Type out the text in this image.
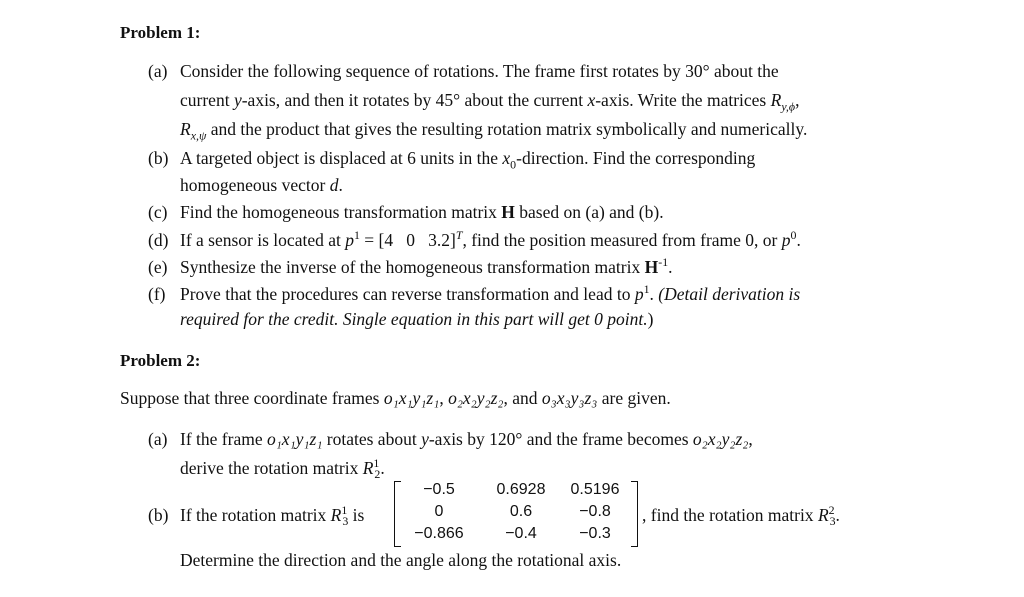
Problem 1:
(a) Consider the following sequence of rotations. The frame first rotates by 30° about the
current y-axis, and then it rotates by 45° about the current x-axis. Write the matrices $R_{y,\phi}$,
$R_{x,\psi}$ and the product that gives the resulting rotation matrix symbolically and numerically.
(b) A targeted object is displaced at 6 units in the $x_0$-direction. Find the corresponding
homogeneous vector d.
(c) Find the homogeneous transformation matrix H based on (a) and (b).
(d) If a sensor is located at $p^1 = [4$   0   3.2]$^T$, find the position measured from frame 0, or $p^0$.
(e) Synthesize the inverse of the homogeneous transformation matrix $H^{-1}$.
(f) Prove that the procedures can reverse transformation and lead to $p^1$. (Detail derivation is
required for the credit. Single equation in this part will get 0 point.)
Problem 2:
Suppose that three coordinate frames o₁x₁y₁z₁, o₂x₂y₂z₂, and o₃x₃y₃z₃ are given.
(a) If the frame o₁x₁y₁z₁ rotates about y-axis by 120° and the frame becomes o₂x₂y₂z₂,
derive the rotation matrix $R^1_2$.
(b) If the rotation matrix $R^1_3$ is
−0.5	0.6928	0.5196
0	0.6	−0.8
−0.866	−0.4	−0.3
, find the rotation matrix $R^2_3$.
Determine the direction and the angle along the rotational axis.
